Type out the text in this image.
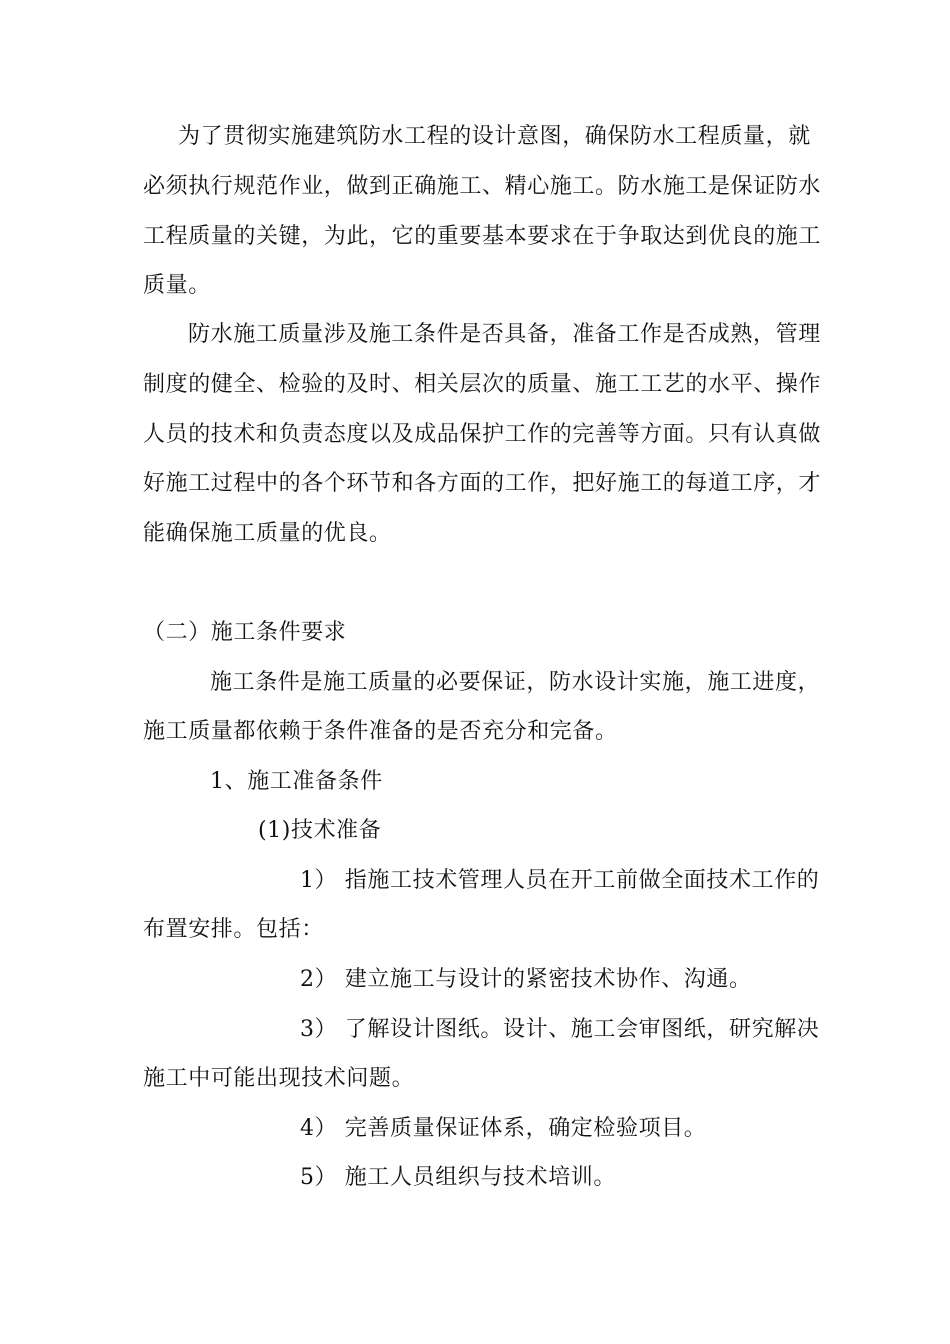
为了贯彻实施建筑防水工程的设计意图，确保防水工程质量，就
必须执行规范作业，做到正确施工、精心施工。防水施工是保证防水
工程质量的关键，为此，它的重要基本要求在于争取达到优良的施工
质量。
防水施工质量涉及施工条件是否具备，准备工作是否成熟，管理
制度的健全、检验的及时、相关层次的质量、施工工艺的水平、操作
人员的技术和负责态度以及成品保护工作的完善等方面。只有认真做
好施工过程中的各个环节和各方面的工作，把好施工的每道工序，才
能确保施工质量的优良。
（二）施工条件要求
施工条件是施工质量的必要保证，防水设计实施，施工进度，
施工质量都依赖于条件准备的是否充分和完备。
1、施工准备条件
(1)技术准备
1） 指施工技术管理人员在开工前做全面技术工作的
布置安排。包括：
2） 建立施工与设计的紧密技术协作、沟通。
3） 了解设计图纸。设计、施工会审图纸，研究解决
施工中可能出现技术问题。
4） 完善质量保证体系，确定检验项目。
5） 施工人员组织与技术培训。
